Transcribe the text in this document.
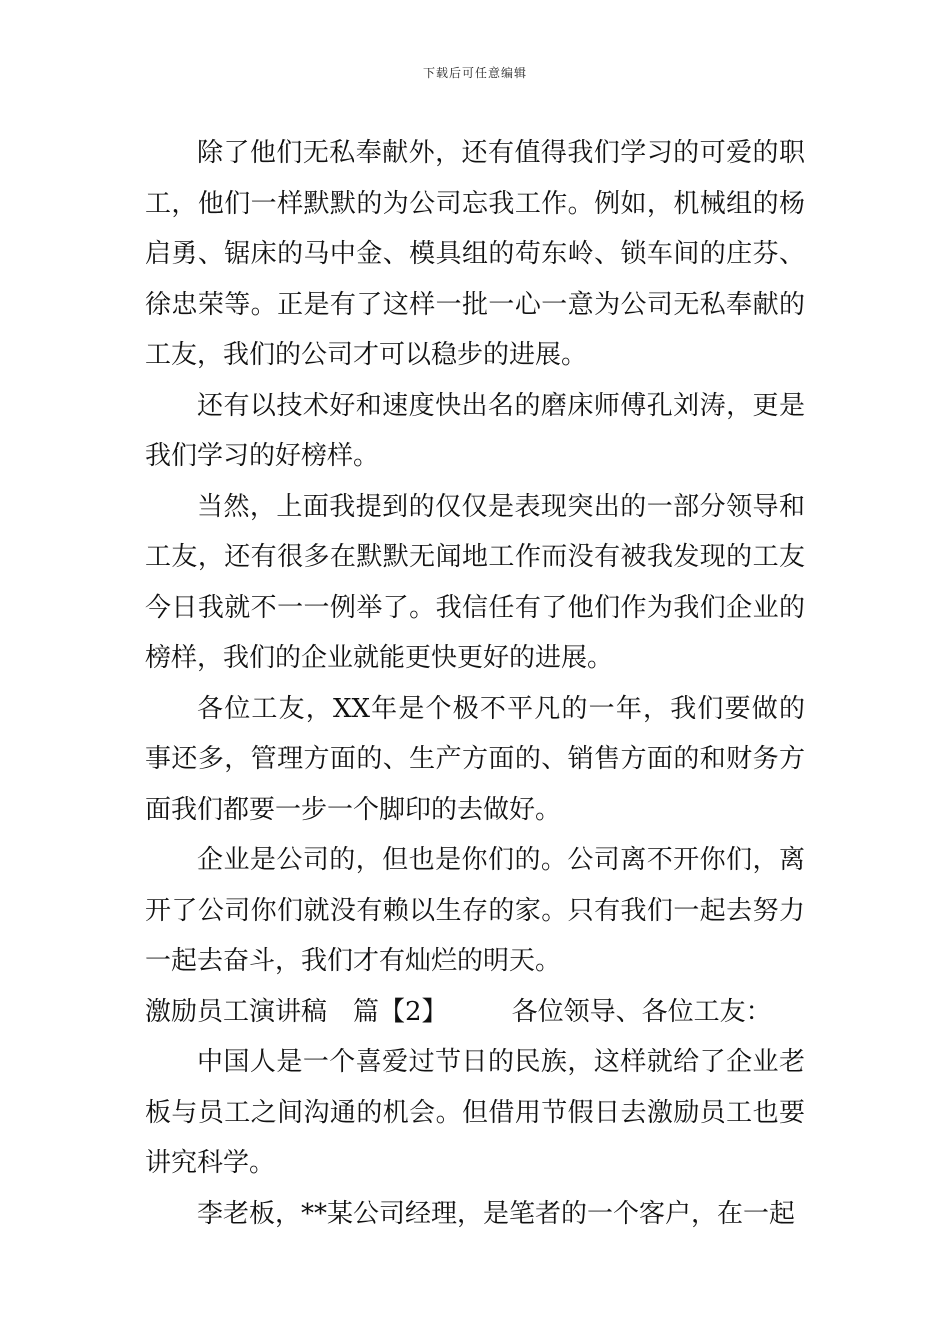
下载后可任意编辑

除了他们无私奉献外，还有值得我们学习的可爱的职工，他们一样默默的为公司忘我工作。例如，机械组的杨启勇、锯床的马中金、模具组的苟东岭、锁车间的庄芬、徐忠荣等。正是有了这样一批一心一意为公司无私奉献的工友，我们的公司才可以稳步的进展。

还有以技术好和速度快出名的磨床师傅孔刘涛，更是我们学习的好榜样。

当然，上面我提到的仅仅是表现突出的一部分领导和工友，还有很多在默默无闻地工作而没有被我发现的工友今日我就不一一例举了。我信任有了他们作为我们企业的榜样，我们的企业就能更快更好的进展。

各位工友，XX年是个极不平凡的一年，我们要做的事还多，管理方面的、生产方面的、销售方面的和财务方面我们都要一步一个脚印的去做好。

企业是公司的，但也是你们的。公司离不开你们，离开了公司你们就没有赖以生存的家。只有我们一起去努力一起去奋斗，我们才有灿烂的明天。

激励员工演讲稿 篇【2】 各位领导、各位工友：

中国人是一个喜爱过节日的民族，这样就给了企业老板与员工之间沟通的机会。但借用节假日去激励员工也要讲究科学。

李老板，**某公司经理，是笔者的一个客户，在一起
